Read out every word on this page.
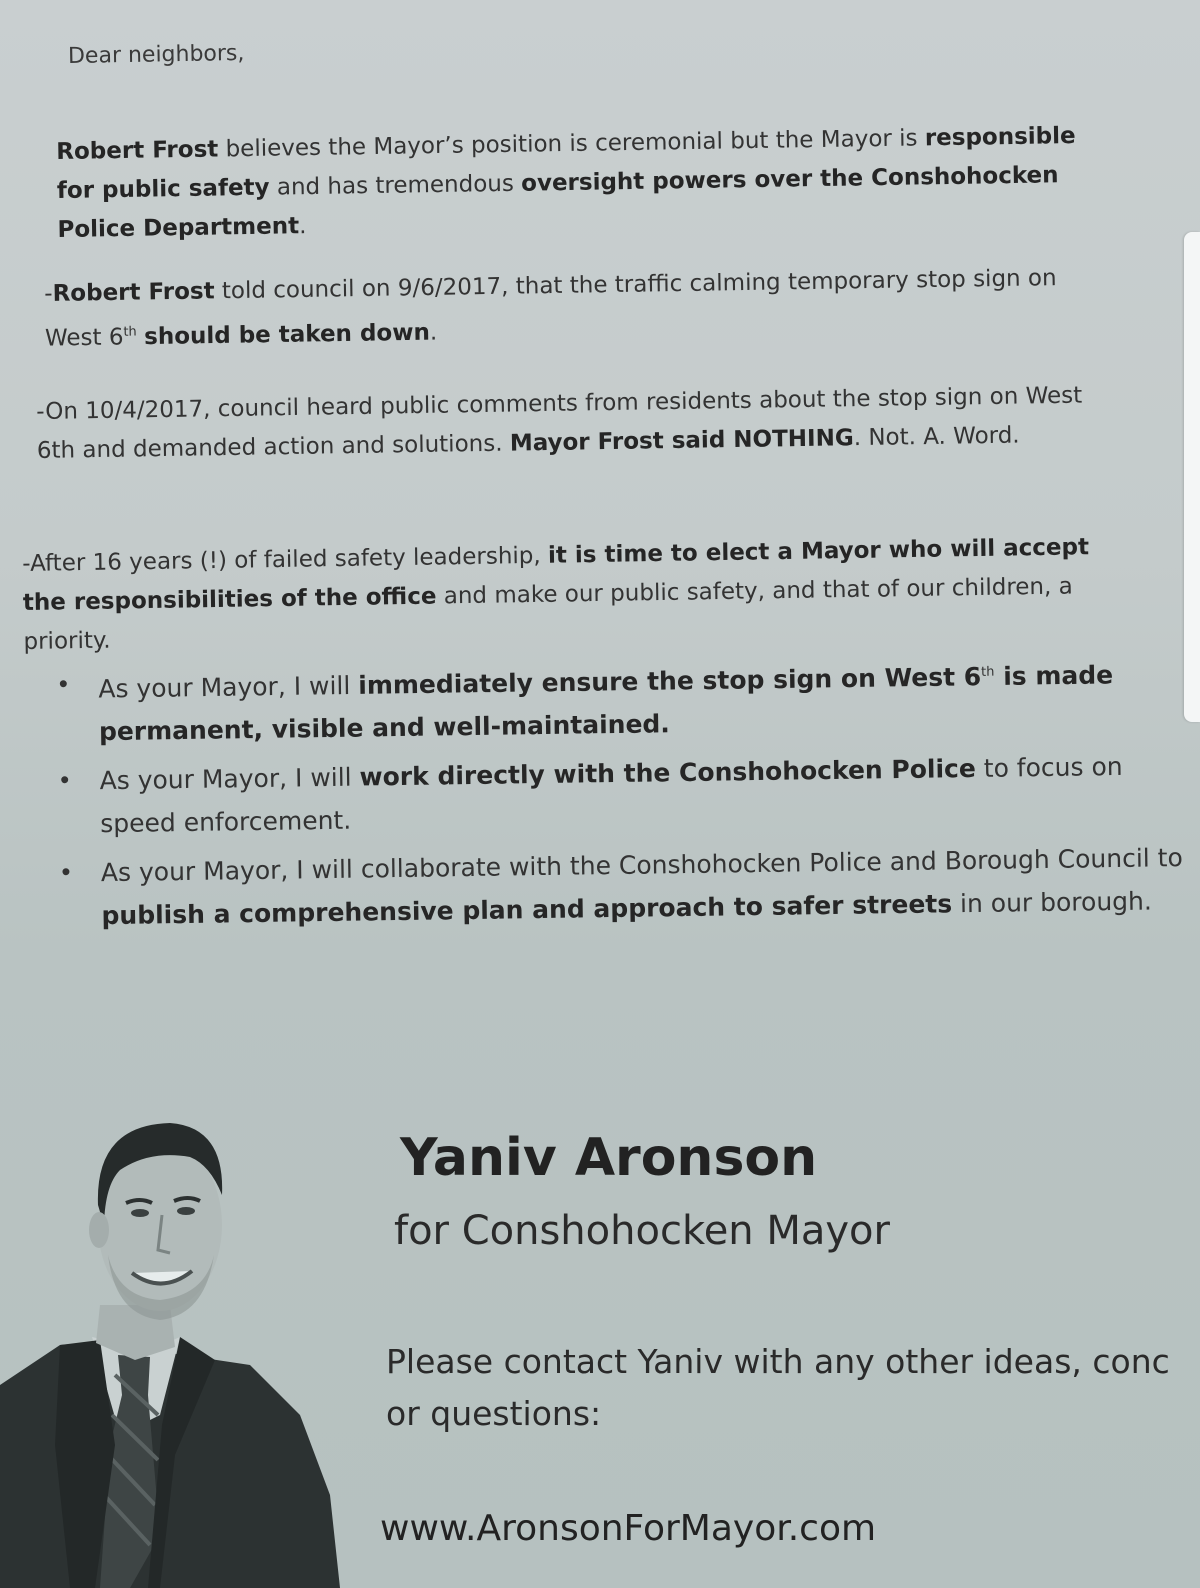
Dear neighbors,

Robert Frost believes the Mayor’s position is ceremonial but the Mayor is responsible for public safety and has tremendous oversight powers over the Conshohocken Police Department.

-Robert Frost told council on 9/6/2017, that the traffic calming temporary stop sign on West 6th should be taken down.

-On 10/4/2017, council heard public comments from residents about the stop sign on West 6th and demanded action and solutions. Mayor Frost said NOTHING. Not. A. Word.

-After 16 years (!) of failed safety leadership, it is time to elect a Mayor who will accept the responsibilities of the office and make our public safety, and that of our children, a priority.

• As your Mayor, I will immediately ensure the stop sign on West 6th is made permanent, visible and well-maintained.
• As your Mayor, I will work directly with the Conshohocken Police to focus on speed enforcement.
• As your Mayor, I will collaborate with the Conshohocken Police and Borough Council to publish a comprehensive plan and approach to safer streets in our borough.
Yaniv Aronson
for Conshohocken Mayor
Please contact Yaniv with any other ideas, conc
or questions:
www.AronsonForMayor.com
